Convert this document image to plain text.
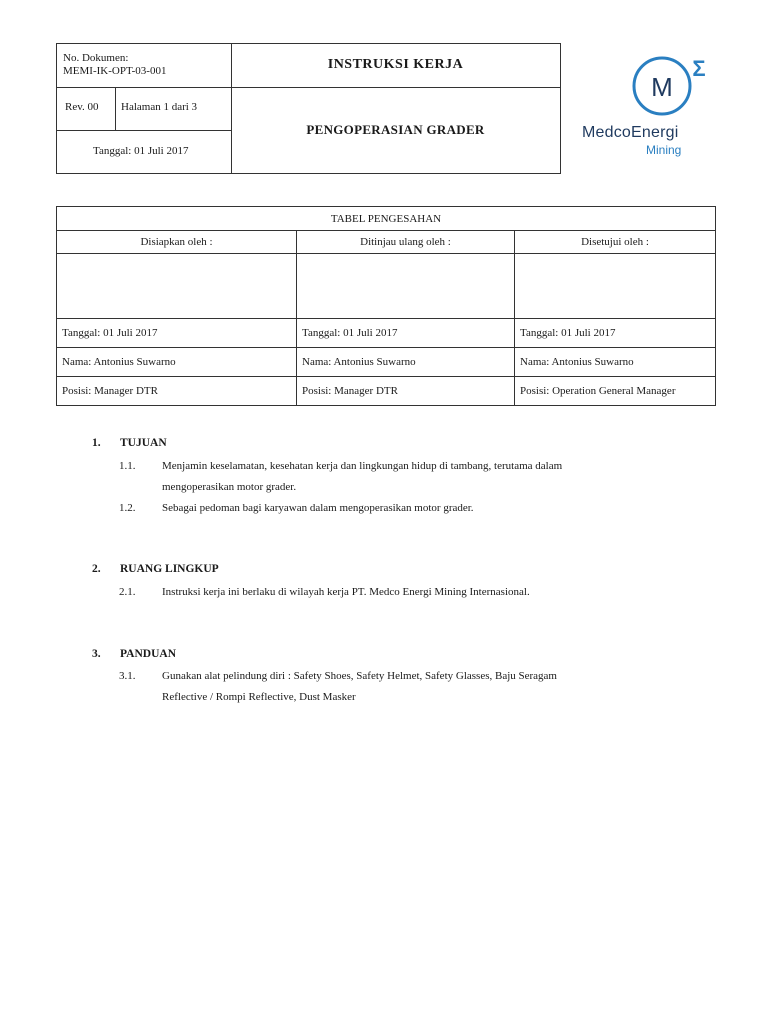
No. Dokumen:
MEMI-IK-OPT-03-001
Rev. 00 Halaman 1 dari 3
Tanggal: 01 Juli 2017
INSTRUKSI KERJA
PENGOPERASIAN GRADER
M
Σ
MedcoEnergi
Mining
TABEL PENGESAHAN		
Disiapkan oleh :	Ditinjau ulang oleh :	Disetujui oleh :

Tanggal: 01 Juli 2017	Tanggal: 01 Juli 2017	Tanggal: 01 Juli 2017
Nama: Antonius Suwarno	Nama: Antonius Suwarno	Nama: Antonius Suwarno
Posisi: Manager DTR	Posisi: Manager DTR	Posisi: Operation General Manager
1.	TUJUAN
1.1.	Menjamin keselamatan, kesehatan kerja dan lingkungan hidup di tambang, terutama dalam
mengoperasikan motor grader.
1.2.	Sebagai pedoman bagi karyawan dalam mengoperasikan motor grader.
2.	RUANG LINGKUP
2.1.	Instruksi kerja ini berlaku di wilayah kerja PT. Medco Energi Mining Internasional.
3.	PANDUAN
3.1.	Gunakan alat pelindung diri : Safety Shoes, Safety Helmet, Safety Glasses, Baju Seragam
Reflective / Rompi Reflective, Dust Masker
